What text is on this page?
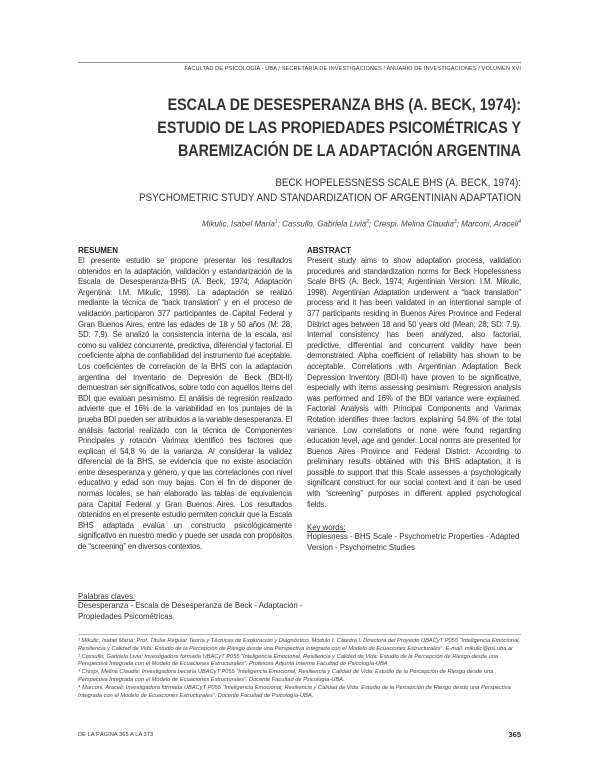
FACULTAD DE PSICOLOGÍA - UBA / SECRETARÍA DE INVESTIGACIONES / ANUARIO DE INVESTIGACIONES / VOLUMEN XVI
ESCALA DE DESESPERANZA BHS (A. BECK, 1974):
ESTUDIO DE LAS PROPIEDADES PSICOMÉTRICAS Y
BAREMIZACIÓN DE LA ADAPTACIÓN ARGENTINA
BECK HOPELESSNESS SCALE BHS (A. BECK, 1974):
PSYCHOMETRIC STUDY AND STANDARDIZATION OF ARGENTINIAN ADAPTATION
Mikulic, Isabel María$^1$; Cassullo, Gabriela Livia$^2$; Crespi, Melina Claudia$^3$; Marconi, Araceli$^4$
RESUMEN
El presente estudio se propone presentar los resultados obtenidos en la adaptación, validación y estandarización de la Escala de Desesperanza-BHS (A. Beck, 1974; Adaptación Argentina: I.M. Mikulic, 1998). La adaptación se realizó mediante la técnica de “back translation” y en el proceso de validación participaron 377 participantes de Capital Federal y Gran Buenos Aires, entre las edades de 18 y 50 años (M: 28; SD: 7,9). Se analizó la consistencia interna de la escala, así como su validez concurrente, predictiva, diferencial y factorial. El coeficiente alpha de confiabilidad del instrumento fue aceptable. Los coeficientes de correlación de la BHS con la adaptación argentina del Inventario de Depresión de Beck (BDI-II) demuestran ser significativos, sobre todo con aquellos ítems del BDI que evalúan pesimismo. El análisis de regresión realizado advierte que el 16% de la variabilidad en los puntajes de la prueba BDI pueden ser atribuidos a la variable desesperanza. El análisis factorial realizado con la técnica de Componentes Principales y rotación Varimax identificó tres factores que explican el 54,8 % de la varianza. Al considerar la validez diferencial de la BHS, se evidencia que no existe asociación entre desesperanza y género, y que las correlaciones con nivel educativo y edad son muy bajas. Con el fin de disponer de normas locales, se han elaborado las tablas de equivalencia para Capital Federal y Gran Buenos Aires. Los resultados obtenidos en el presente estudio permiten concluir que la Escala BHS adaptada evalúa un constructo psicológicamente significativo en nuestro medio y puede ser usada con propósitos de “screening” en diversos contextos.
Palabras claves:
Desesperanza - Escala de Desesperanza de Beck - Adaptación - Propiedades Psicométricas
ABSTRACT
Present study aims to show adaptation process, validation procedures and standardization norms for Beck Hopelessness Scale BHS (A. Beck, 1974; Argentinian Version: I.M. Mikulic, 1998). Argentinian Adaptation underwent a “back translation” process and it has been validated in an intentional sample of 377 participants residing in Buenos Aires Province and Federal District ages between 18 and 50 years old (Mean: 28; SD: 7.9). Internal consistency has been analyzed, also factorial, predictive, differential and concurrent validity have been demonstrated. Alpha coefficient of reliability has shown to be acceptable. Correlations with Argentinian Adaptation Beck Depression Inventory (BDI-II) have proven to be significative, especially with items assessing pesimism. Regression analysis was performed and 16% of the BDI variance were explained. Factorial Analysis with Principal Components and Varimax Rotation identifies three factors explaining 54.8% of the total variance. Low correlations or none were found regarding education level, age and gender. Local norms are presented for Buenos Aires Province and Federal District. According to preliminary results obtained with this BHS adaptation, it is possible to support that this Scale assesses a psychologically significant construct for our social context and it can be used with “screening” purposes in different applied psychological fields.
Key words:
Hoplesness - BHS Scale - Psychometric Properties - Adapted Version - Psychometric Studies

¹ Mikulic, Isabel María: Prof. Titular Regular Teoría y Técnicas de Exploración y Diagnóstico. Módulo I, Cátedra I. Directora del Proyecto UBACyT P055 “Inteligencia Emocional, Resiliencia y Calidad de Vida: Estudio de la Percepción de Riesgo desde una Perspectiva Integrada con el Modelo de Ecuaciones Estructurales”. E-mail: mikulic@psi.uba.ar

² Cassullo, Gabriela Livia: Investigadora formada UBACyT P055 “Inteligencia Emocional, Resiliencia y Calidad de Vida: Estudio de la Percepción de Riesgo desde una Perspectiva Integrada con el Modelo de Ecuaciones Estructurales”. Profesora Adjunta Interina Facultad de Psicología-UBA

³ Crespi, Melina Claudia: Investigadora becaria UBACyT P055 “Inteligencia Emocional, Resiliencia y Calidad de Vida: Estudio de la Percepción de Riesgo desde una Perspectiva Integrada con el Modelo de Ecuaciones Estructurales”. Docente Facultad de Psicología-UBA.

⁴ Marconi, Araceli: Investigadora formada UBACyT P055 “Inteligencia Emocional, Resiliencia y Calidad de Vida: Estudio de la Percepción de Riesgo desde una Perspectiva Integrada con el Modelo de Ecuaciones Estructurales”. Docente Facultad de Psicología-UBA.

DE LA PÁGINA 365 A LA 373	365
